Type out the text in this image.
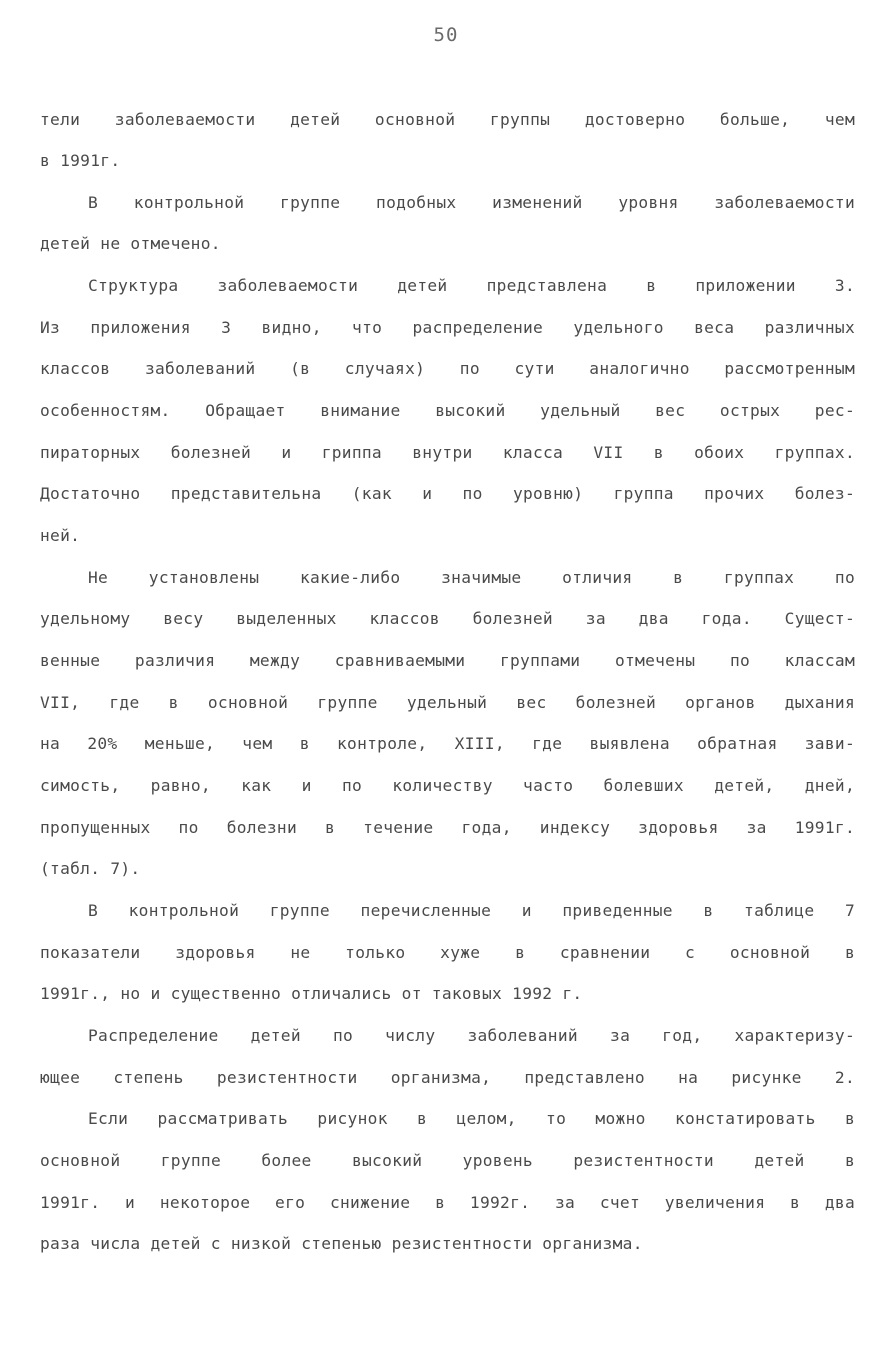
50
тели заболеваемости детей основной группы достоверно больше, чем
в 1991г.
В контрольной группе подобных изменений уровня заболеваемости
детей не отмечено.
Структура заболеваемости детей представлена в приложении 3.
Из приложения 3 видно, что распределение удельного веса различных
классов заболеваний (в случаях) по сути аналогично рассмотренным
особенностям. Обращает внимание высокий удельный вес острых рес-
пираторных болезней и гриппа внутри класса VII в обоих группах.
Достаточно представительна (как и по уровню) группа прочих болез-
ней.
Не установлены какие-либо значимые отличия в группах по
удельному весу выделенных классов болезней за два года. Сущест-
венные различия между сравниваемыми группами отмечены по классам
VII, где в основной группе удельный вес болезней органов дыхания
на 20% меньше, чем в контроле, XIII, где выявлена обратная зави-
симость, равно, как и по количеству часто болевших детей, дней,
пропущенных по болезни в течение года, индексу здоровья за 1991г.
(табл. 7).
В контрольной группе перечисленные и приведенные в таблице 7
показатели здоровья не только хуже в сравнении с основной в
1991г., но и существенно отличались от таковых 1992 г.
Распределение детей по числу заболеваний за год, характеризу-
ющее степень резистентности организма, представлено на рисунке 2.
Если рассматривать рисунок в целом, то можно констатировать в
основной группе более высокий уровень резистентности детей в
1991г. и некоторое его снижение в 1992г. за счет увеличения в два
раза числа детей с низкой степенью резистентности организма.
